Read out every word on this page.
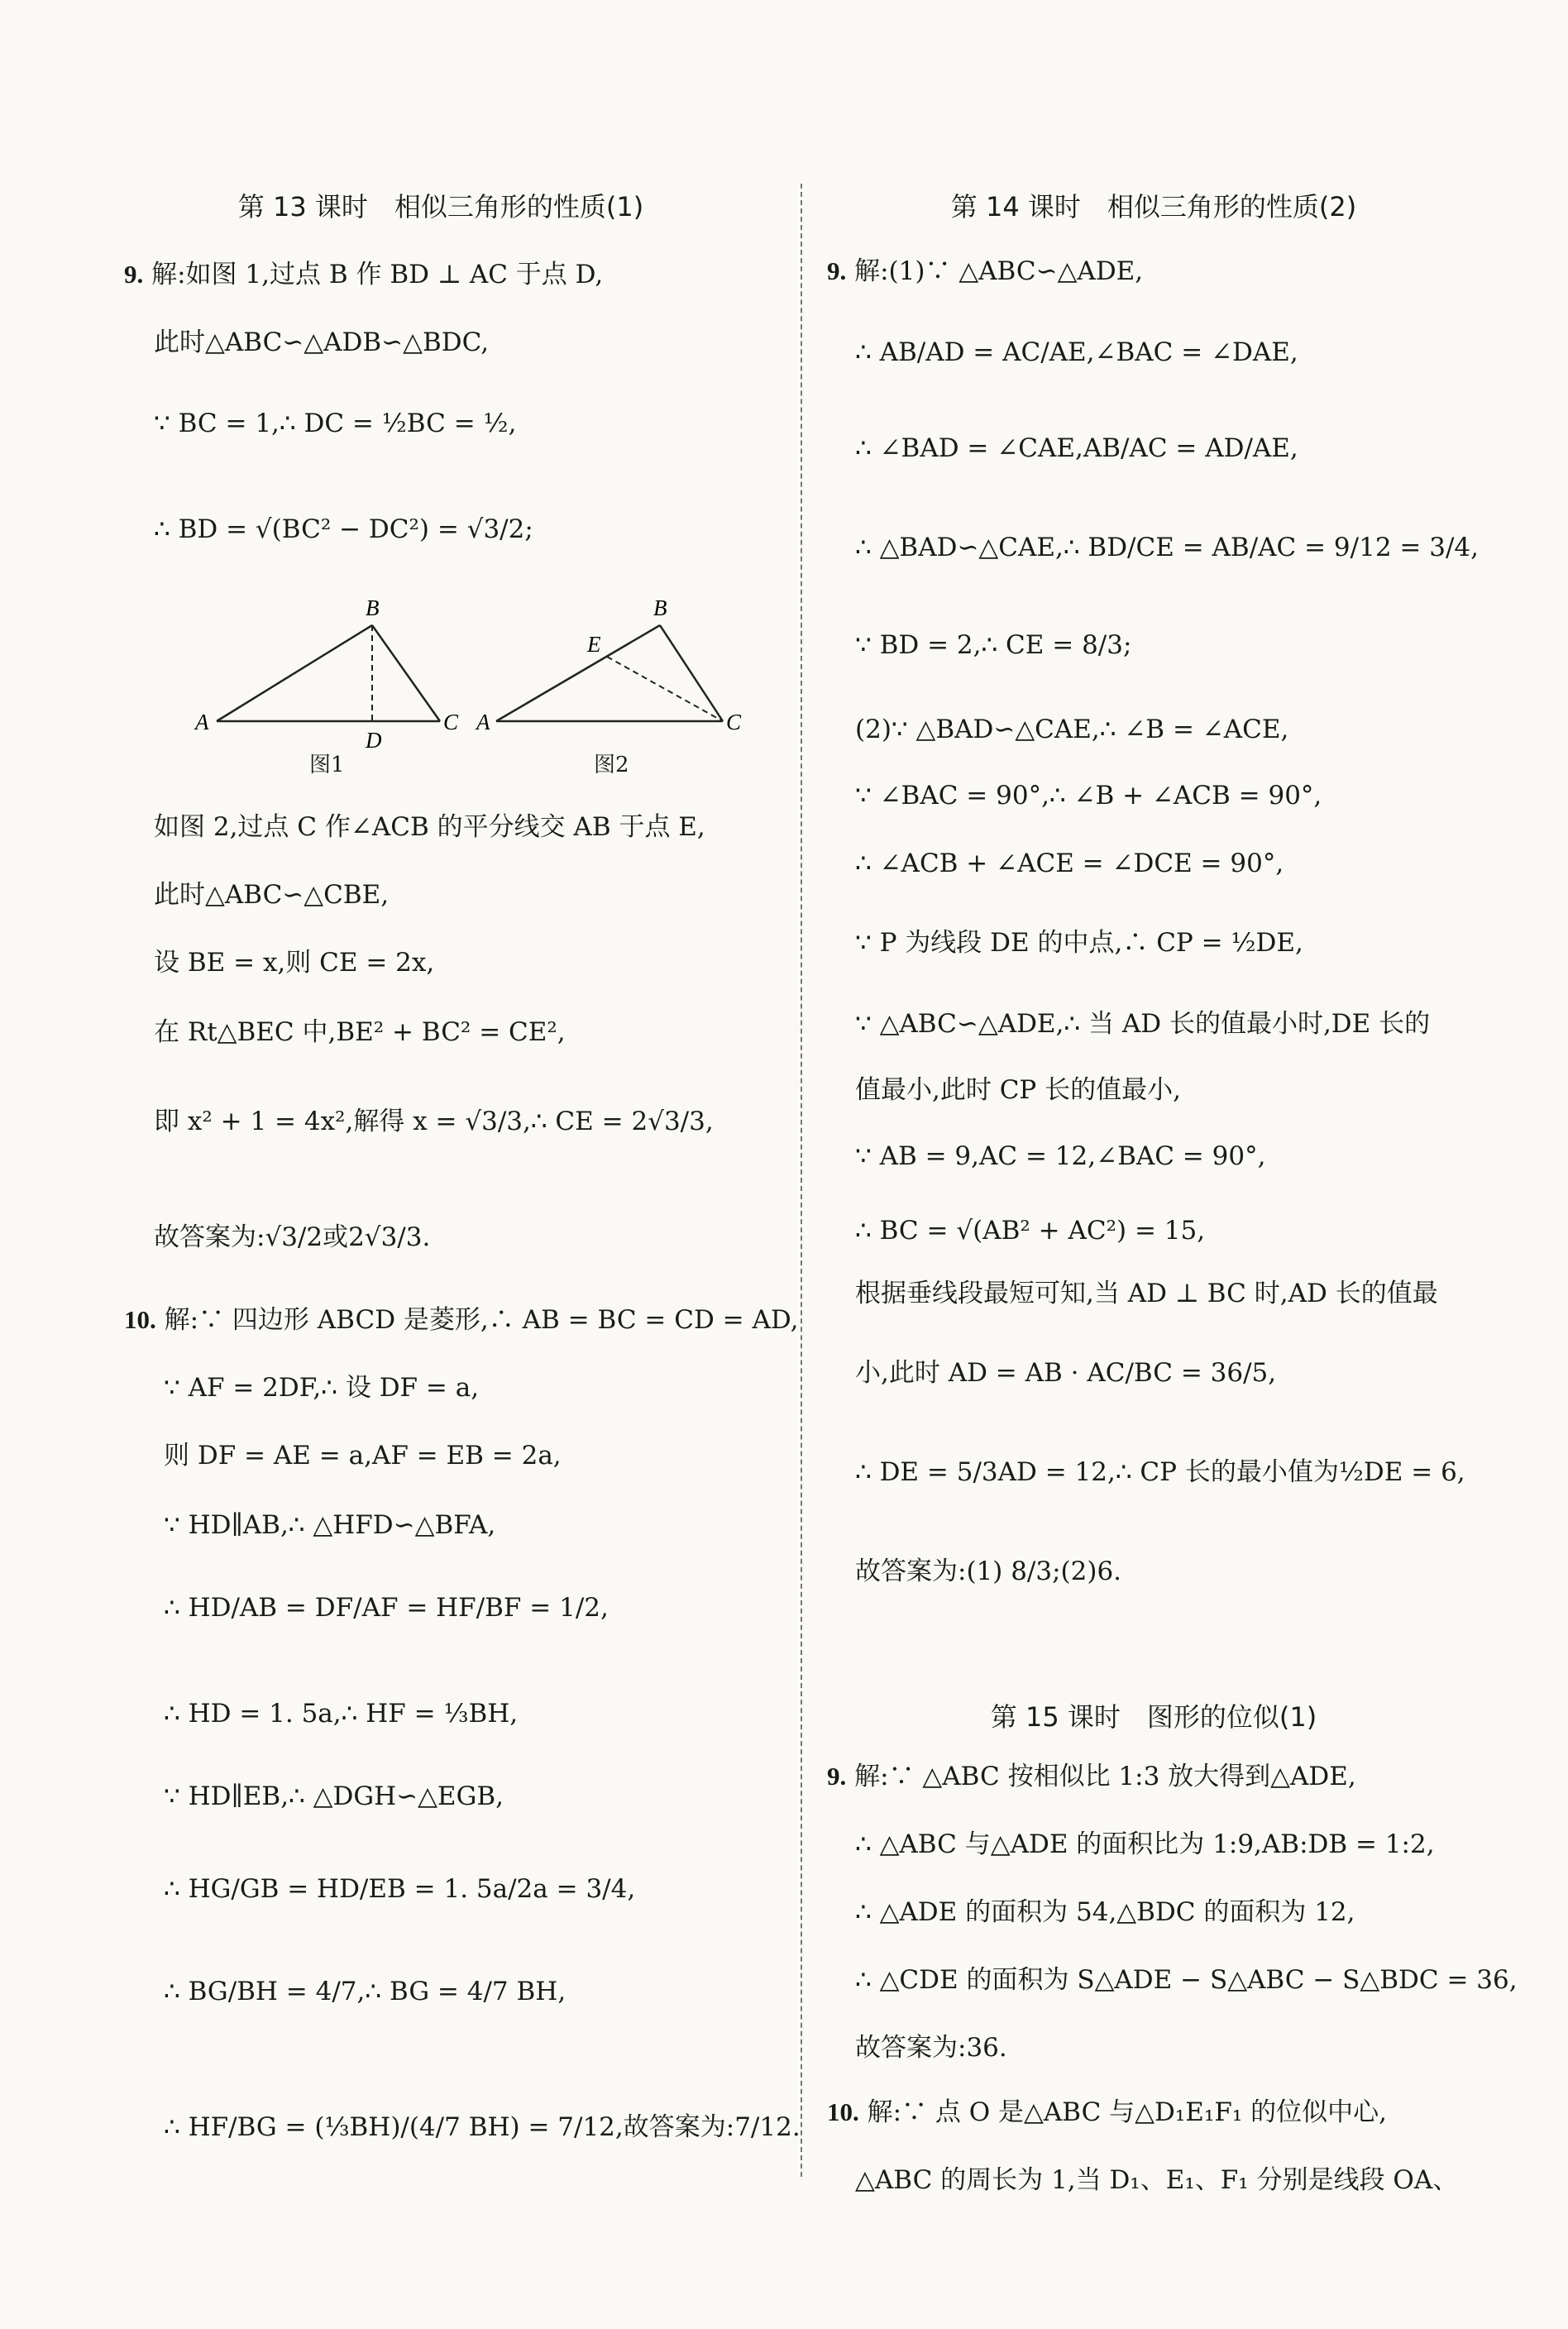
第 13 课时　相似三角形的性质(1)	第 14 课时　相似三角形的性质(2)
第 15 课时　图形的位似(1)
9. 解:如图 1,过点 B 作 BD ⊥ AC 于点 D,
此时△ABC∽△ADB∽△BDC,
∵ BC = 1,∴ DC = ½BC = ½,
∴ BD = √(BC² − DC²) = √3/2;
A
B
C
D
图1
A
B
C
E
图2
如图 2,过点 C 作∠ACB 的平分线交 AB 于点 E,
此时△ABC∽△CBE,
设 BE = x,则 CE = 2x,
在 Rt△BEC 中,BE² + BC² = CE²,
即 x² + 1 = 4x²,解得 x = √3/3,∴ CE = 2√3/3,
故答案为:√3/2或2√3/3.
10. 解:∵ 四边形 ABCD 是菱形,∴ AB = BC = CD = AD,
∵ AF = 2DF,∴ 设 DF = a,
则 DF = AE = a,AF = EB = 2a,
∵ HD∥AB,∴ △HFD∽△BFA,
∴ HD/AB = DF/AF = HF/BF = 1/2,
∴ HD = 1. 5a,∴ HF = ⅓BH,
∵ HD∥EB,∴ △DGH∽△EGB,
∴ HG/GB = HD/EB = 1. 5a/2a = 3/4,
∴ BG/BH = 4/7,∴ BG = 4/7 BH,
∴ HF/BG = (⅓BH)/(4/7 BH) = 7/12,故答案为:7/12.
9. 解:(1)∵ △ABC∽△ADE,
∴ AB/AD = AC/AE,∠BAC = ∠DAE,
∴ ∠BAD = ∠CAE,AB/AC = AD/AE,
∴ △BAD∽△CAE,∴ BD/CE = AB/AC = 9/12 = 3/4,
∵ BD = 2,∴ CE = 8/3;
(2)∵ △BAD∽△CAE,∴ ∠B = ∠ACE,
∵ ∠BAC = 90°,∴ ∠B + ∠ACB = 90°,
∴ ∠ACB + ∠ACE = ∠DCE = 90°,
∵ P 为线段 DE 的中点,∴ CP = ½DE,
∵ △ABC∽△ADE,∴ 当 AD 长的值最小时,DE 长的
值最小,此时 CP 长的值最小,
∵ AB = 9,AC = 12,∠BAC = 90°,
∴ BC = √(AB² + AC²) = 15,
根据垂线段最短可知,当 AD ⊥ BC 时,AD 长的值最
小,此时 AD = AB · AC/BC = 36/5,
∴ DE = 5/3AD = 12,∴ CP 长的最小值为½DE = 6,
故答案为:(1) 8/3;(2)6.
9. 解:∵ △ABC 按相似比 1:3 放大得到△ADE,
∴ △ABC 与△ADE 的面积比为 1:9,AB:DB = 1:2,
∴ △ADE 的面积为 54,△BDC 的面积为 12,
∴ △CDE 的面积为 S△ADE − S△ABC − S△BDC = 36,
故答案为:36.
10. 解:∵ 点 O 是△ABC 与△D₁E₁F₁ 的位似中心,
△ABC 的周长为 1,当 D₁、E₁、F₁ 分别是线段 OA、
